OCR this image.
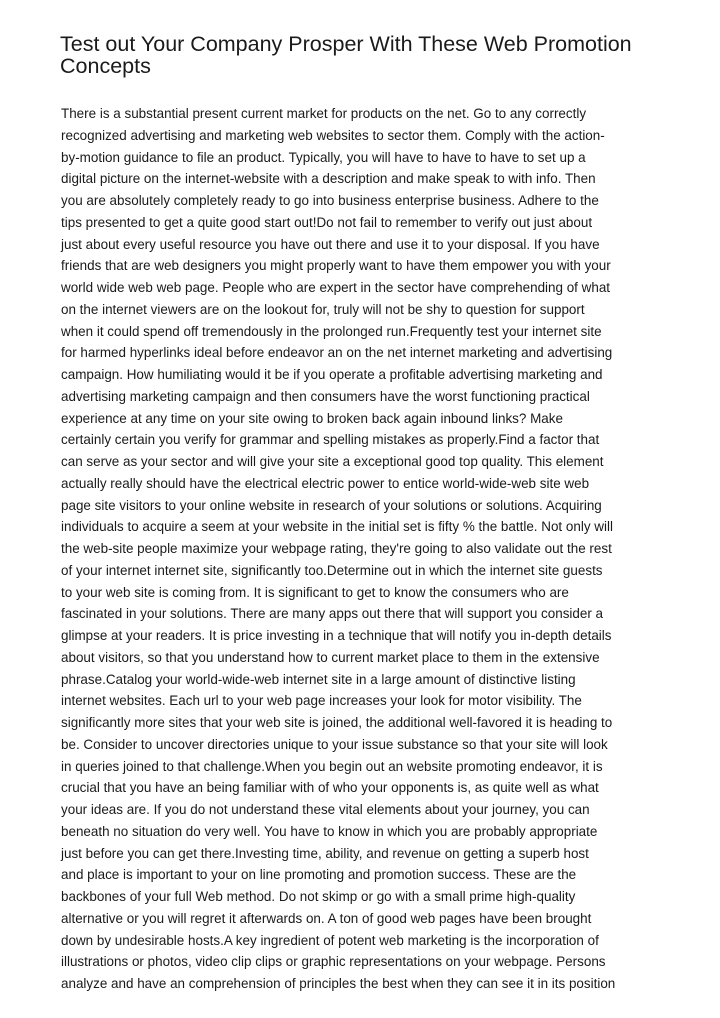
Test out Your Company Prosper With These Web Promotion
Concepts
There is a substantial present current market for products on the net. Go to any correctly
recognized advertising and marketing web websites to sector them. Comply with the action-
by-motion guidance to file an product. Typically, you will have to have to have to set up a
digital picture on the internet-website with a description and make speak to with info. Then
you are absolutely completely ready to go into business enterprise business. Adhere to the
tips presented to get a quite good start out!Do not fail to remember to verify out just about
just about every useful resource you have out there and use it to your disposal. If you have
friends that are web designers you might properly want to have them empower you with your
world wide web web page. People who are expert in the sector have comprehending of what
on the internet viewers are on the lookout for, truly will not be shy to question for support
when it could spend off tremendously in the prolonged run.Frequently test your internet site
for harmed hyperlinks ideal before endeavor an on the net internet marketing and advertising
campaign. How humiliating would it be if you operate a profitable advertising marketing and
advertising marketing campaign and then consumers have the worst functioning practical
experience at any time on your site owing to broken back again inbound links? Make
certainly certain you verify for grammar and spelling mistakes as properly.Find a factor that
can serve as your sector and will give your site a exceptional good top quality. This element
actually really should have the electrical electric power to entice world-wide-web site web
page site visitors to your online website in research of your solutions or solutions. Acquiring
individuals to acquire a seem at your website in the initial set is fifty % the battle. Not only will
the web-site people maximize your webpage rating, they're going to also validate out the rest
of your internet internet site, significantly too.Determine out in which the internet site guests
to your web site is coming from. It is significant to get to know the consumers who are
fascinated in your solutions. There are many apps out there that will support you consider a
glimpse at your readers. It is price investing in a technique that will notify you in-depth details
about visitors, so that you understand how to current market place to them in the extensive
phrase.Catalog your world-wide-web internet site in a large amount of distinctive listing
internet websites. Each url to your web page increases your look for motor visibility. The
significantly more sites that your web site is joined, the additional well-favored it is heading to
be. Consider to uncover directories unique to your issue substance so that your site will look
in queries joined to that challenge.When you begin out an website promoting endeavor, it is
crucial that you have an being familiar with of who your opponents is, as quite well as what
your ideas are. If you do not understand these vital elements about your journey, you can
beneath no situation do very well. You have to know in which you are probably appropriate
just before you can get there.Investing time, ability, and revenue on getting a superb host
and place is important to your on line promoting and promotion success. These are the
backbones of your full Web method. Do not skimp or go with a small prime high-quality
alternative or you will regret it afterwards on. A ton of good web pages have been brought
down by undesirable hosts.A key ingredient of potent web marketing is the incorporation of
illustrations or photos, video clip clips or graphic representations on your webpage. Persons
analyze and have an comprehension of principles the best when they can see it in its position
